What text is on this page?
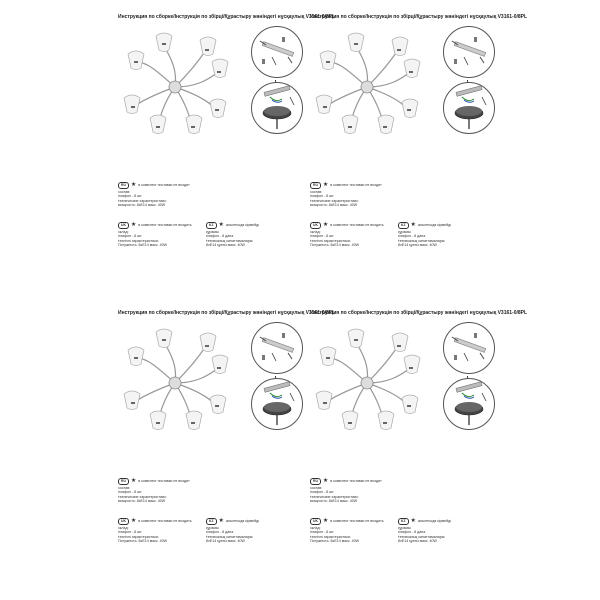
Инструкция по сборке/Інструкція по збірці/Құрастыру жөніндегі нұсқаулық V3161-0/8PL
RU ★ в комплект поставки не входит
состав:
плафон - 8 шт.
технические характеристики:
мощность: 8xE14 макс. 40W
UK ★ в комплект поставки не входить
склад:
плафон - 8 шт.
технічні характеристики:
Потужність: 8xE14 макс. 40W
KZ ★ жиынтыққа кірмейді
құрамы:
плафон - 8 дана
техникалық сипаттамалары:
8xE14 қуаты макс. 40W
Инструкция по сборке/Інструкція по збірці/Құрастыру жөніндегі нұсқаулық V3161-0/8PL
RU ★ в комплект поставки не входит
состав:
плафон - 8 шт.
технические характеристики:
мощность: 8xE14 макс. 40W
UK ★ в комплект поставки не входить
склад:
плафон - 8 шт.
технічні характеристики:
Потужність: 8xE14 макс. 40W
KZ ★ жиынтыққа кірмейді
құрамы:
плафон - 8 дана
техникалық сипаттамалары:
8xE14 қуаты макс. 40W
Инструкция по сборке/Інструкція по збірці/Құрастыру жөніндегі нұсқаулық V3161-0/8PL
RU ★ в комплект поставки не входит
состав:
плафон - 8 шт.
технические характеристики:
мощность: 8xE14 макс. 40W
UK ★ в комплект поставки не входить
склад:
плафон - 8 шт.
технічні характеристики:
Потужність: 8xE14 макс. 40W
KZ ★ жиынтыққа кірмейді
құрамы:
плафон - 8 дана
техникалық сипаттамалары:
8xE14 қуаты макс. 40W
Инструкция по сборке/Інструкція по збірці/Құрастыру жөніндегі нұсқаулық V3161-0/8PL
RU ★ в комплект поставки не входит
состав:
плафон - 8 шт.
технические характеристики:
мощность: 8xE14 макс. 40W
UK ★ в комплект поставки не входить
склад:
плафон - 8 шт.
технічні характеристики:
Потужність: 8xE14 макс. 40W
KZ ★ жиынтыққа кірмейді
құрамы:
плафон - 8 дана
техникалық сипаттамалары:
8xE14 қуаты макс. 40W
